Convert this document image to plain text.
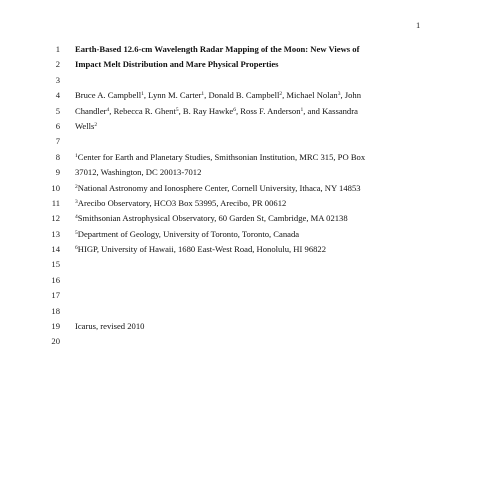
1
1
2
3
4
5
6
7
8
9
10
11
12
13
14
15
16
17
18
19
20
Earth-Based 12.6-cm Wavelength Radar Mapping of the Moon: New Views of
Impact Melt Distribution and Mare Physical Properties
Bruce A. Campbell$^1$, Lynn M. Carter$^1$, Donald B. Campbell$^2$, Michael Nolan$^3$, John
Chandler$^4$, Rebecca R. Ghent$^5$, B. Ray Hawke$^6$, Ross F. Anderson$^1$, and Kassandra
Wells$^2$
$^1$Center for Earth and Planetary Studies, Smithsonian Institution, MRC 315, PO Box
37012, Washington, DC 20013-7012
$^2$National Astronomy and Ionosphere Center, Cornell University, Ithaca, NY 14853
$^3$Arecibo Observatory, HCO3 Box 53995, Arecibo, PR 00612
$^4$Smithsonian Astrophysical Observatory, 60 Garden St, Cambridge, MA 02138
$^5$Department of Geology, University of Toronto, Toronto, Canada
$^6$HIGP, University of Hawaii, 1680 East-West Road, Honolulu, HI 96822
Icarus, revised 2010
